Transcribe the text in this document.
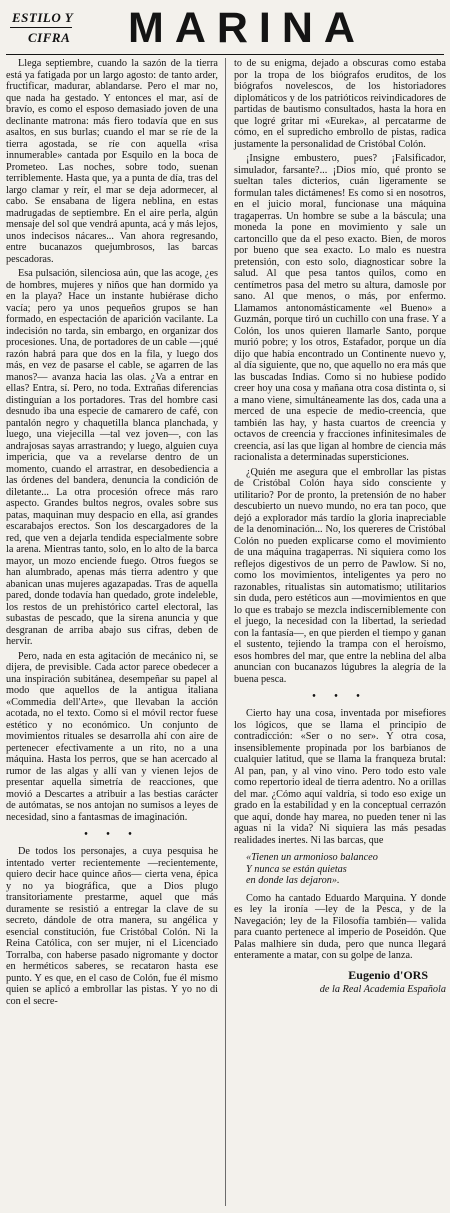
ESTILO Y
CIFRA MARINA

Llega septiembre, cuando la sazón de la tierra está ya fatigada por un largo agosto: de tanto arder, fructificar, madurar, ablandarse. Pero el mar no, que nada ha gestado. Y entonces el mar, así de bravío, es como el esposo demasiado joven de una declinante matrona: más fiero todavía que en sus asaltos, en sus burlas; cuando el mar se ríe de la tierra agostada, se ríe con aquella «risa innumerable» cantada por Esquilo en la boca de Prometeo. Las noches, sobre todo, suenan terriblemente. Hasta que, ya a punta de día, tras del largo clamar y reír, el mar se deja adormecer, al cabo. Se ensabana de ligera neblina, en estas madrugadas de septiembre. En el aire perla, algún mensaje del sol que vendrá apunta, acá y más lejos, unos indecisos nácares... Van ahora regresando, entre bucanazos quejumbrosos, las barcas pescadoras.

Esa pulsación, silenciosa aún, que las acoge, ¿es de hombres, mujeres y niños que han dormido ya en la playa? Hace un instante hubiérase dicho vacía; pero ya unos pequeños grupos se han formado, en espectación de aparición vacilante. La indecisión no tarda, sin embargo, en organizar dos procesiones. Una, de portadores de un cable —¡qué razón habrá para que dos en la fila, y luego dos más, en vez de pasarse el cable, se agarren de las manos?— avanza hacia las olas. ¿Va a entrar en ellas? Entra, sí. Pero, no toda. Extrañas diferencias distinguían a los portadores. Tras del hombre casi desnudo iba una especie de camarero de café, con pantalón negro y chaquetilla blanca planchada, y luego, una viejecilla —tal vez joven—, con las andrajosas sayas arrastrando; y luego, alguien cuya impericia, que va a revelarse dentro de un momento, cuando el arrastrar, en desobediencia a las órdenes del bandera, denuncia la condición de diletante... La otra procesión ofrece más raro aspecto. Grandes bultos negros, ovales sobre sus patas, maquinan muy despacio en ella, así grandes escarabajos erectos. Son los descargadores de la red, que ven a dejarla tendida especialmente sobre la arena. Mientras tanto, solo, en lo alto de la barca mayor, un mozo enciende fuego. Otros fuegos se han alumbrado, apenas más tierra adentro y que abanican unas mujeres agazapadas. Tras de aquella pared, donde todavía han quedado, grote indeleble, los restos de un prehistórico cartel electoral, las subastas de pescado, que la sirena anuncia y que desgranan de arriba abajo sus cifras, deben de hervir.

Pero, nada en esta agitación de mecánico ni, se dijera, de previsible. Cada actor parece obedecer a una inspiración subitánea, desempeñar su papel al modo que aquellos de la antigua italiana «Commedia dell'Arte», que llevaban la acción acotada, no el texto. Como si el móvil rector fuese estético y no económico. Un conjunto de movimientos rituales se desarrolla ahí con aire de pertenecer efectivamente a un rito, no a una máquina. Hasta los perros, que se han acercado al rumor de las algas y allí van y vienen lejos de presentar aquella simetría de reacciones, que movió a Descartes a atribuir a las bestias carácter de autómatas, se nos antojan no sumisos a leyes de necesidad, sino a fantasmas de imaginación.

• • •

De todos los personajes, a cuya pesquisa he intentado verter recientemente —recientemente, quiero decir hace quince años— cierta vena, épica y no ya biográfica, que a Dios plugo transitoriamente prestarme, aquel que más duramente se resistió a entregar la clave de su secreto, dándole de otra manera, su angélica y esencial constitución, fue Cristóbal Colón. Ni la Reina Católica, con ser mujer, ni el Licenciado Torralba, con haberse pasado nigromante y doctor en herméticos saberes, se recataron hasta ese punto. Y es que, en el caso de Colón, fue él mismo quien se aplicó a embrollar las pistas. Y yo no di con el secre-

to de su enigma, dejado a obscuras como estaba por la tropa de los biógrafos eruditos, de los biógrafos novelescos, de los historiadores diplomáticos y de los patrióticos reivindicadores de partidas de bautismo consultados, hasta la hora en que logré gritar mi «Eureka», al percatarme de cómo, en el supredicho embrollo de pistas, radica justamente la personalidad de Cristóbal Colón.

¡Insigne embustero, pues? ¡Falsificador, simulador, farsante?... ¡Dios mío, qué pronto se sueltan tales dicterios, cuán ligeramente se formulan tales dictámenes! Es como si en nosotros, en el juicio moral, funcionase una máquina tragaperras. Un hombre se sube a la báscula; una moneda la pone en movimiento y sale un cartoncillo que da el peso exacto. Bien, de moros por bueno que sea exacto. Lo malo es nuestra pretensión, con esto solo, diagnosticar sobre la salud. Al que pesa tantos quilos, como en centímetros pasa del metro su altura, damosle por sano. Al que menos, o más, por enfermo. Llamamos antonomásticamente «el Bueno» a Guzmán, porque tiró un cuchillo con una frase. Y a Colón, los unos quieren llamarle Santo, porque murió pobre; y los otros, Estafador, porque un día dijo que había encontrado un Continente nuevo y, al día siguiente, que no, que aquello no era más que las buscadas Indias. Como si no hubiese podido creer hoy una cosa y mañana otra cosa distinta o, si a mano viene, simultáneamente las dos, cada una a merced de una especie de medio-creencia, que también las hay, y hasta cuartos de creencia y octavos de creencia y fracciones infinitesimales de creencia, así las que ligan al hombre de ciencia más racionalista a determinadas supersticiones.

¿Quién me asegura que el embrollar las pistas de Cristóbal Colón haya sido consciente y utilitario? Por de pronto, la pretensión de no haber descubierto un nuevo mundo, no era tan poco, que dejó a explorador más tardío la gloria inaprecìable de la denominación... No, los quereres de Cristóbal Colón no pueden explicarse como el movimiento de una máquina tragaperras. Ni siquiera como los reflejos digestivos de un perro de Pawlow. Si no, como los movimientos, inteligentes ya pero no razonables, ritualistas sin automatismo; utilitarios sin duda, pero estéticos aun —movimientos en que lo que es trabajo se mezcla indiscerniblemente con el juego, la necesidad con la libertad, la seriedad con la fantasía—, en que pierden el tiempo y ganan el sustento, tejiendo la trampa con el heroísmo, esos hombres del mar, que entre la neblina del alba anuncian con bucanazos lúgubres la alegría de la buena pesca.

• • •

Cierto hay una cosa, inventada por misefiores los lógicos, que se llama el principio de contradicción: «Ser o no ser». Y otra cosa, insensiblemente propinada por los barbianos de cualquier latitud, que se llama la franqueza brutal: Al pan, pan, y al vino vino. Pero todo esto vale como repertorio ideal de tierra adentro. No a orillas del mar. ¿Cómo aquí valdría, si todo eso exige un grado en la estabilidad y en la conceptual cerrazón que aquí, donde hay marea, no pueden tener ni las aguas ni la vida? Ni siquiera las más pesadas realidades inertes. Ni las barcas, que

«Tienen un armonioso balanceo
Y nunca se están quietas
en donde las dejaron».

Como ha cantado Eduardo Marquina. Y donde es ley la ironía —ley de la Pesca, y de la Navegación; ley de la Filosofía también— valida para cuanto pertenece al imperio de Poseidón. Que Palas malhiere sin duda, pero que nunca llegará enteramente a matar, con su golpe de lanza.

Eugenio d'ORS
de la Real Academia Española
